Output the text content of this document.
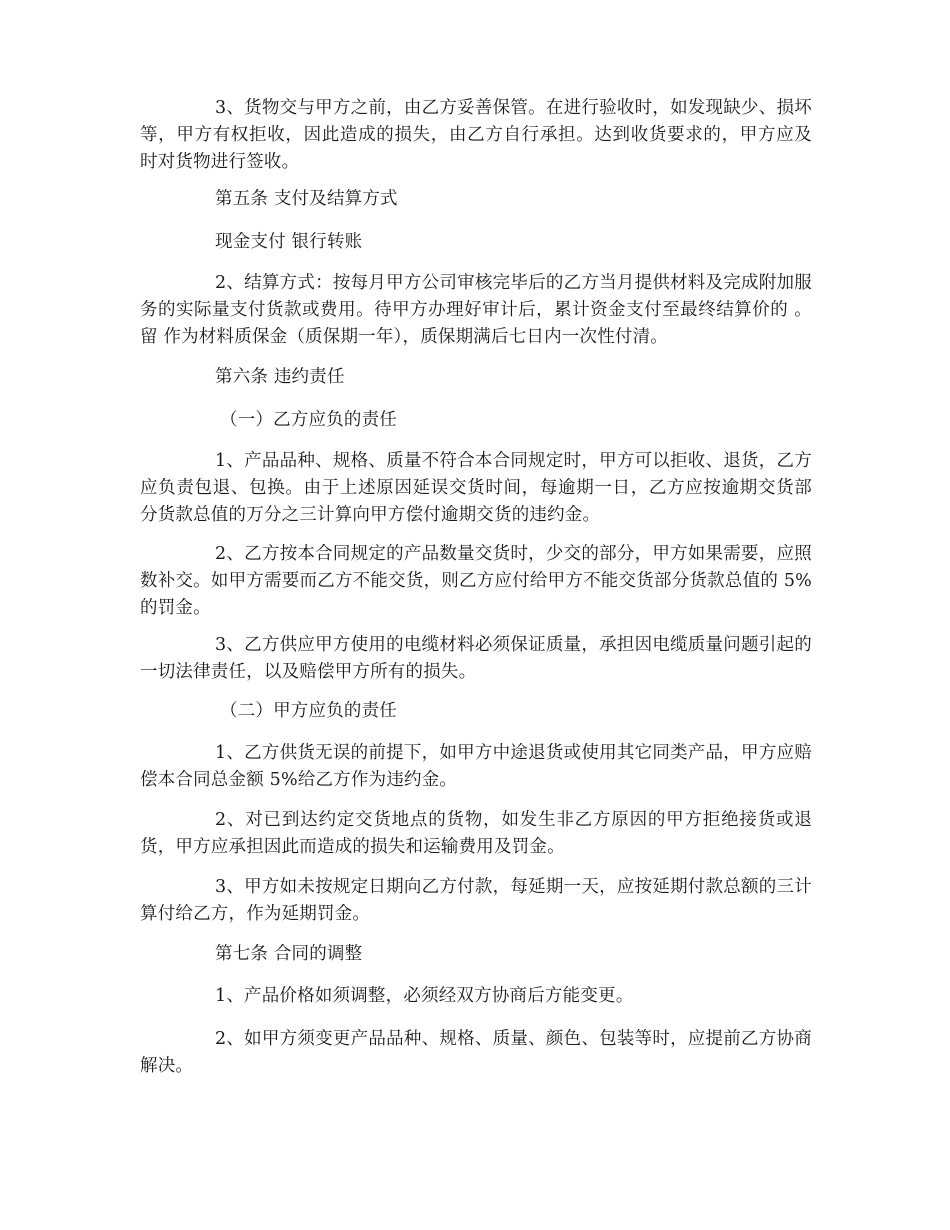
3、货物交与甲方之前，由乙方妥善保管。在进行验收时，如发现缺少、损坏等，甲方有权拒收，因此造成的损失，由乙方自行承担。达到收货要求的，甲方应及时对货物进行签收。

第五条 支付及结算方式

现金支付 银行转账

2、结算方式：按每月甲方公司审核完毕后的乙方当月提供材料及完成附加服务的实际量支付货款或费用。待甲方办理好审计后，累计资金支付至最终结算价的 。留 作为材料质保金（质保期一年），质保期满后七日内一次性付清。

第六条 违约责任

（一）乙方应负的责任

1、产品品种、规格、质量不符合本合同规定时，甲方可以拒收、退货，乙方应负责包退、包换。由于上述原因延误交货时间，每逾期一日，乙方应按逾期交货部分货款总值的万分之三计算向甲方偿付逾期交货的违约金。

2、乙方按本合同规定的产品数量交货时，少交的部分，甲方如果需要，应照数补交。如甲方需要而乙方不能交货，则乙方应付给甲方不能交货部分货款总值的 5%的罚金。

3、乙方供应甲方使用的电缆材料必须保证质量，承担因电缆质量问题引起的一切法律责任，以及赔偿甲方所有的损失。

（二）甲方应负的责任

1、乙方供货无误的前提下，如甲方中途退货或使用其它同类产品，甲方应赔偿本合同总金额 5%给乙方作为违约金。

2、对已到达约定交货地点的货物，如发生非乙方原因的甲方拒绝接货或退货，甲方应承担因此而造成的损失和运输费用及罚金。

3、甲方如未按规定日期向乙方付款，每延期一天，应按延期付款总额的三计算付给乙方，作为延期罚金。

第七条 合同的调整

1、产品价格如须调整，必须经双方协商后方能变更。

2、如甲方须变更产品品种、规格、质量、颜色、包装等时，应提前乙方协商解决。
